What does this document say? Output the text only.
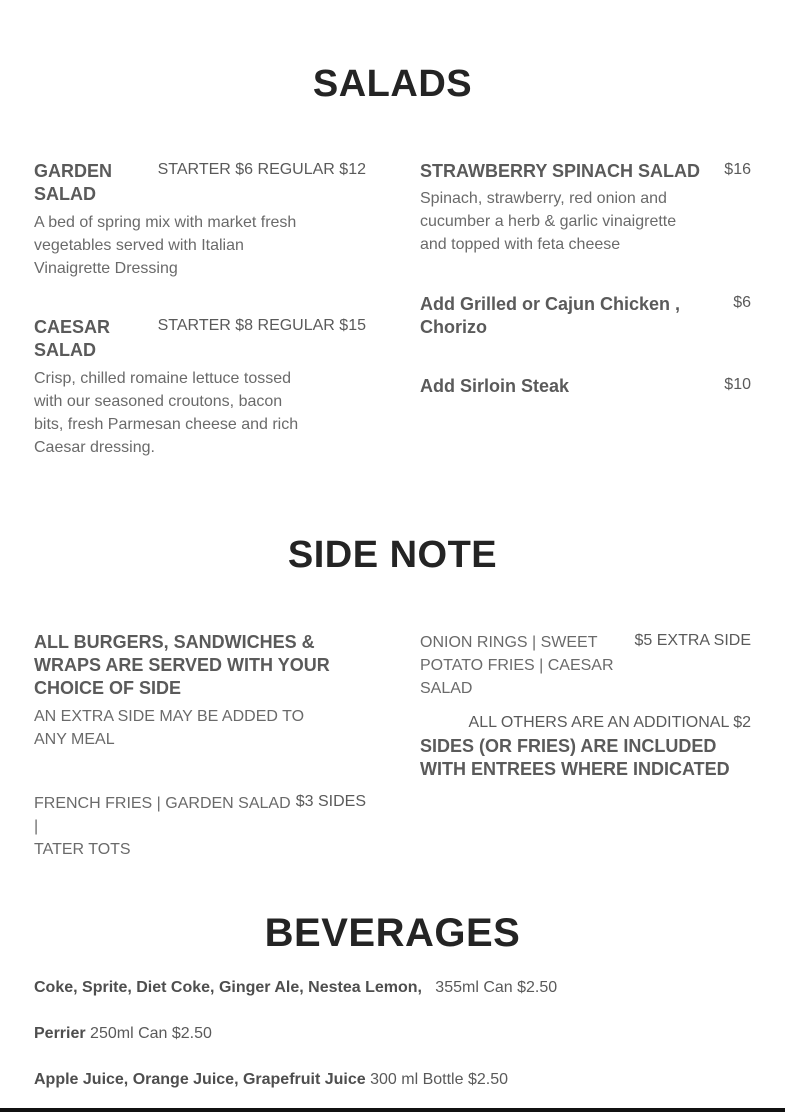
SALADS
GARDEN
SALAD
STARTER $6 REGULAR $12
A bed of spring mix with market fresh
vegetables served with Italian
Vinaigrette Dressing
CAESAR
SALAD
STARTER $8 REGULAR $15
Crisp, chilled romaine lettuce tossed
with our seasoned croutons, bacon
bits, fresh Parmesan cheese and rich
Caesar dressing.
STRAWBERRY SPINACH SALAD $16
Spinach, strawberry, red onion and
cucumber a herb & garlic vinaigrette
and topped with feta cheese
Add Grilled or Cajun Chicken ,
Chorizo
$6
Add Sirloin Steak	$10
SIDE NOTE
ALL BURGERS, SANDWICHES &
WRAPS ARE SERVED WITH YOUR
CHOICE OF SIDE
AN EXTRA SIDE MAY BE ADDED TO
ANY MEAL
FRENCH FRIES | GARDEN SALAD |
TATER TOTS
$3 SIDES
ONION RINGS | SWEET
POTATO FRIES | CAESAR SALAD
$5 EXTRA SIDE
ALL OTHERS ARE AN ADDITIONAL $2
SIDES (OR FRIES) ARE INCLUDED
WITH ENTREES WHERE INDICATED
BEVERAGES
Coke, Sprite, Diet Coke, Ginger Ale, Nestea Lemon, 355ml Can $2.50
Perrier 250ml Can $2.50
Apple Juice, Orange Juice, Grapefruit Juice 300 ml Bottle $2.50
